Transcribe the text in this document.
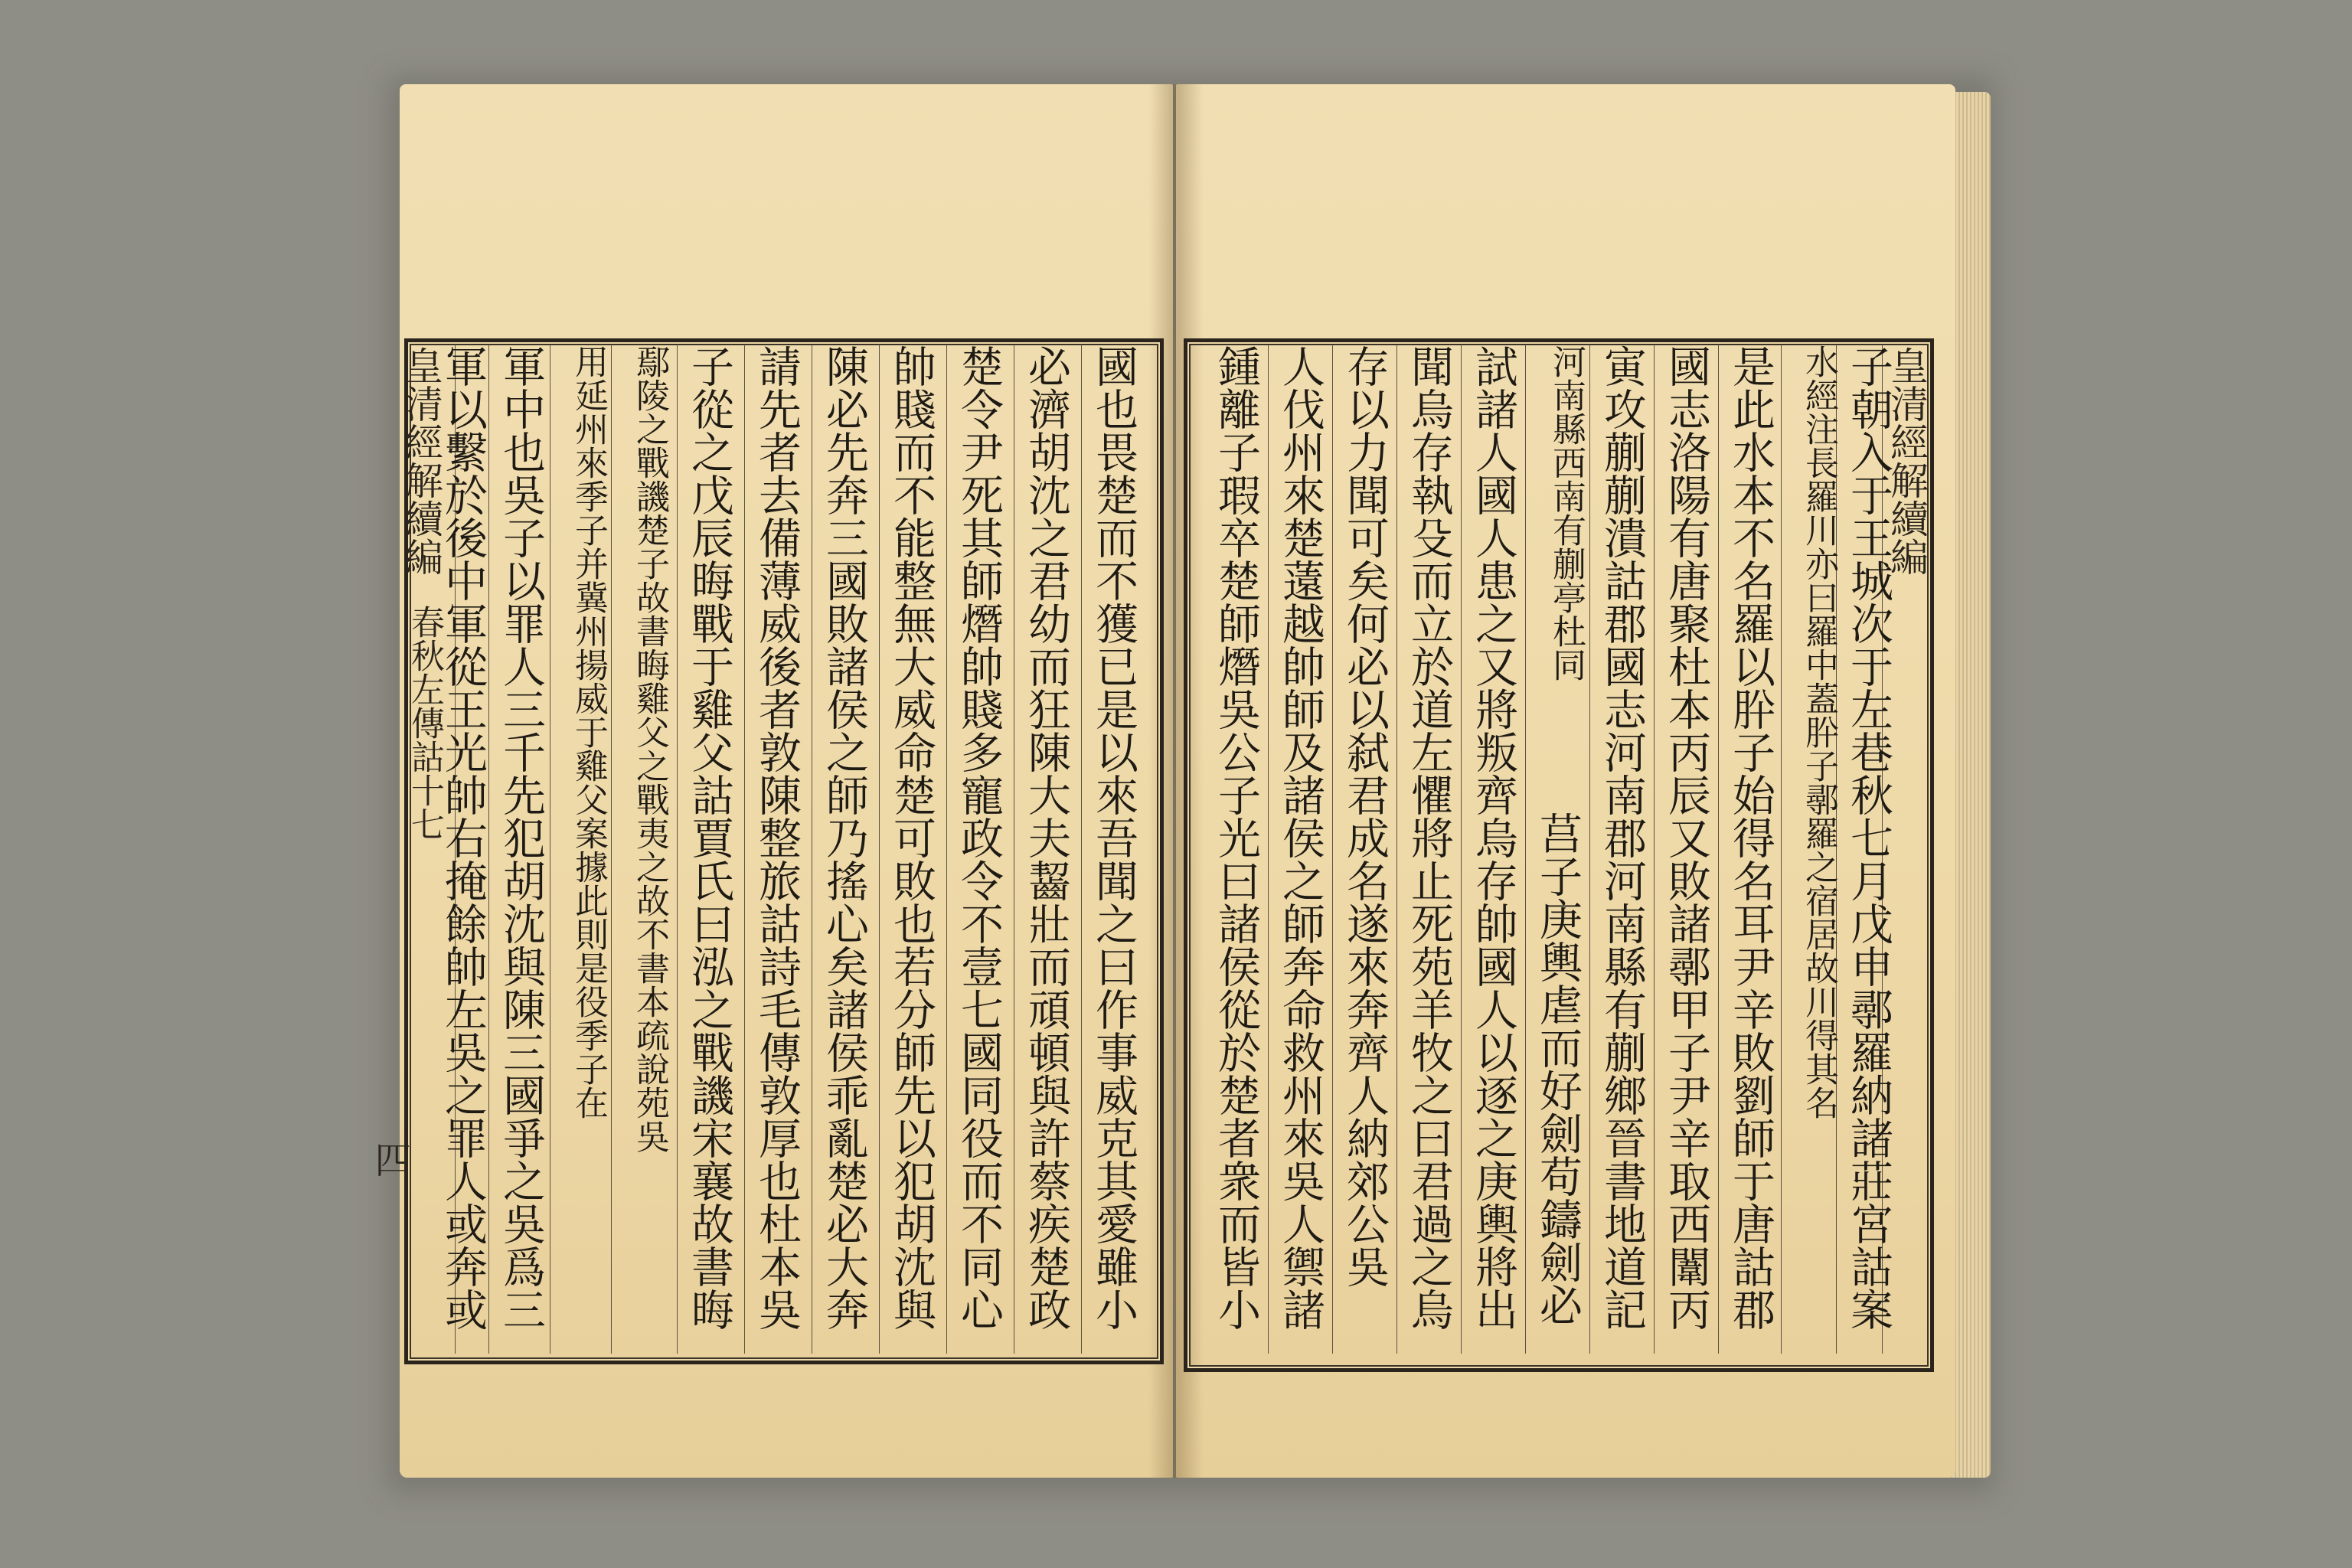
皇清經解續編
春秋左傳詁十七
四	國也畏楚而不獲已是以來吾聞之曰作事威克其愛雖小
必濟胡沈之君幼而狂陳大夫齧壯而頑頓與許蔡疾楚政
楚令尹死其師熸帥賤多寵政令不壹七國同役而不同心
帥賤而不能整無大威命楚可敗也若分師先以犯胡沈與
陳必先奔三國敗諸侯之師乃搖心矣諸侯乖亂楚必大奔
請先者去備薄威後者敦陳整旅詁詩毛傳敦厚也杜本吳
子從之戊辰晦戰于雞父詁賈氏曰泓之戰譏宋襄故書晦
鄢陵之戰譏楚子故書晦雞父之戰夷之故不書本疏說苑吳
用延州來季子并冀州揚威于雞父案據此則是役季子在
軍中也吳子以罪人三千先犯胡沈與陳三國爭之吳爲三
軍以繫於後中軍從王光帥右掩餘帥左吳之罪人或奔或	皇清經解續編
子朝入于王城次于左巷秋七月戊申鄩羅納諸莊宮詁案
水經注長羅川亦曰羅中蓋肸子鄩羅之宿居故川得其名
是此水本不名羅以肸子始得名耳尹辛敗劉師于唐詁郡
國志洛陽有唐聚杜本丙辰又敗諸鄩甲子尹辛取西闈丙
寅攻蒯蒯潰詁郡國志河南郡河南縣有蒯鄉晉書地道記
河南縣西南有蒯亭杜同
莒子庚輿虐而好劍苟鑄劍必
試諸人國人患之又將叛齊烏存帥國人以逐之庚輿將出
聞烏存執殳而立於道左懼將止死苑羊牧之曰君過之烏
存以力聞可矣何必以弑君成名遂來奔齊人納郊公吳
人伐州來楚薳越帥師及諸侯之師奔命救州來吳人禦諸
鍾離子瑕卒楚師熸吳公子光曰諸侯從於楚者衆而皆小
